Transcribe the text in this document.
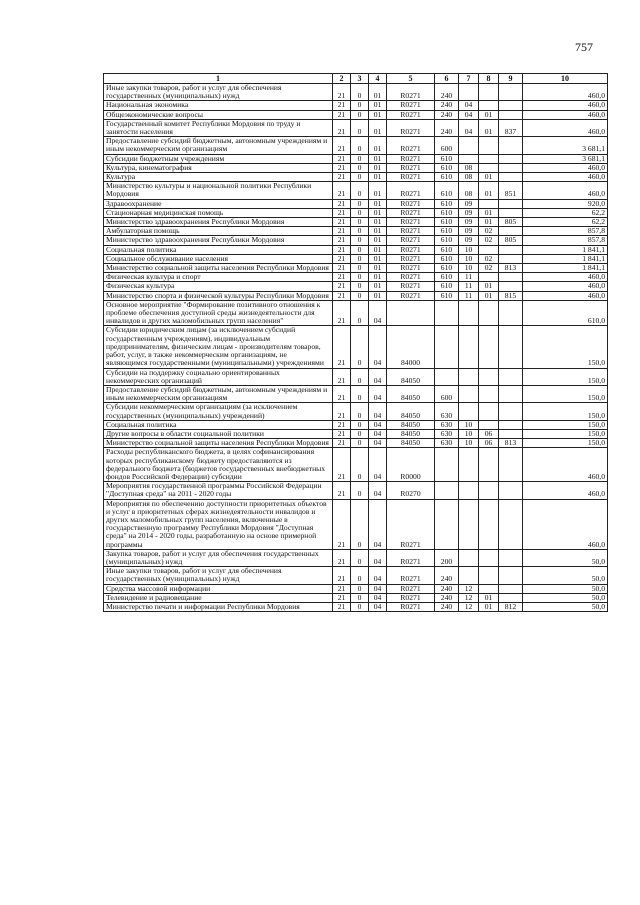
757
1	2	3	4	5	6	7	8	9	10
Иные закупки товаров, работ и услуг для обеспечения государственных (муниципальных) нужд	21	0	01	R0271	240				460,0
Национальная экономика	21	0	01	R0271	240	04			460,0
Общеэкономические вопросы	21	0	01	R0271	240	04	01		460,0
Государственный комитет Республики Мордовия по труду и занятости населения	21	0	01	R0271	240	04	01	837	460,0
Предоставление субсидий бюджетным, автономным учреждениям и иным некоммерческим организациям	21	0	01	R0271	600				3 681,1
Субсидии бюджетным учреждениям	21	0	01	R0271	610				3 681,1
Культура, кинематография	21	0	01	R0271	610	08			460,0
Культура	21	0	01	R0271	610	08	01		460,0
Министерство культуры и национальной политики Республики Мордовия	21	0	01	R0271	610	08	01	851	460,0
Здравоохранение	21	0	01	R0271	610	09			920,0
Стационарная медицинская помощь	21	0	01	R0271	610	09	01		62,2
Министерство здравоохранения Республики Мордовия	21	0	01	R0271	610	09	01	805	62,2
Амбулаторная помощь	21	0	01	R0271	610	09	02		857,8
Министерство здравоохранения Республики Мордовия	21	0	01	R0271	610	09	02	805	857,8
Социальная политика	21	0	01	R0271	610	10			1 841,1
Социальное обслуживание населения	21	0	01	R0271	610	10	02		1 841,1
Министерство социальной защиты населения Республики Мордовия	21	0	01	R0271	610	10	02	813	1 841,1
Физическая культура и спорт	21	0	01	R0271	610	11			460,0
Физическая культура	21	0	01	R0271	610	11	01		460,0
Министерство спорта и физической культуры Республики Мордовия	21	0	01	R0271	610	11	01	815	460,0
Основное мероприятие "Формирование позитивного отношения к проблеме обеспечения доступной среды жизнедеятельности для инвалидов и других маломобильных групп населения"	21	0	04						610,0
Субсидии юридическим лицам (за исключением субсидий государственным учреждениям), индивидуальным предпринимателям, физическим лицам - производителям товаров, работ, услуг, в также некоммерческим организациям, не являющимся государственными (муниципальными) учреждениями	21	0	04	84000					150,0
Субсидии на поддержку социально ориентированных некоммерческих организаций	21	0	04	84050					150,0
Предоставление субсидий бюджетным, автономным учреждениям и иным некоммерческим организациям	21	0	04	84050	600				150,0
Субсидии некоммерческим организациям (за исключением государственных (муниципальных) учреждений)	21	0	04	84050	630				150,0
Социальная политика	21	0	04	84050	630	10			150,0
Другие вопросы в области социальной политики	21	0	04	84050	630	10	06		150,0
Министерство социальной защиты населения Республики Мордовия	21	0	04	84050	630	10	06	813	150,0
Расходы республиканского бюджета, в целях софинансирования которых республиканскому бюджету предоставляются из федерального бюджета (бюджетов государственных внебюджетных фондов Российской Федерации) субсидии	21	0	04	R0000					460,0
Мероприятия государственной программы Российской Федерации "Доступная среда" на 2011 - 2020 годы	21	0	04	R0270					460,0
Мероприятия по обеспечению доступности приоритетных объектов и услуг в приоритетных сферах жизнедеятельности инвалидов и других маломобильных групп населения, включенные в государственную программу Республики Мордовия "Доступная среда" на 2014 - 2020 годы, разработанную на основе примерной программы	21	0	04	R0271					460,0
Закупка товаров, работ и услуг для обеспечения государственных (муниципальных) нужд	21	0	04	R0271	200				50,0
Иные закупки товаров, работ и услуг для обеспечения государственных (муниципальных) нужд	21	0	04	R0271	240				50,0
Средства массовой информации	21	0	04	R0271	240	12			50,0
Телевидение и радиовещание	21	0	04	R0271	240	12	01		50,0
Министерство печати и информации Республики Мордовия	21	0	04	R0271	240	12	01	812	50,0
